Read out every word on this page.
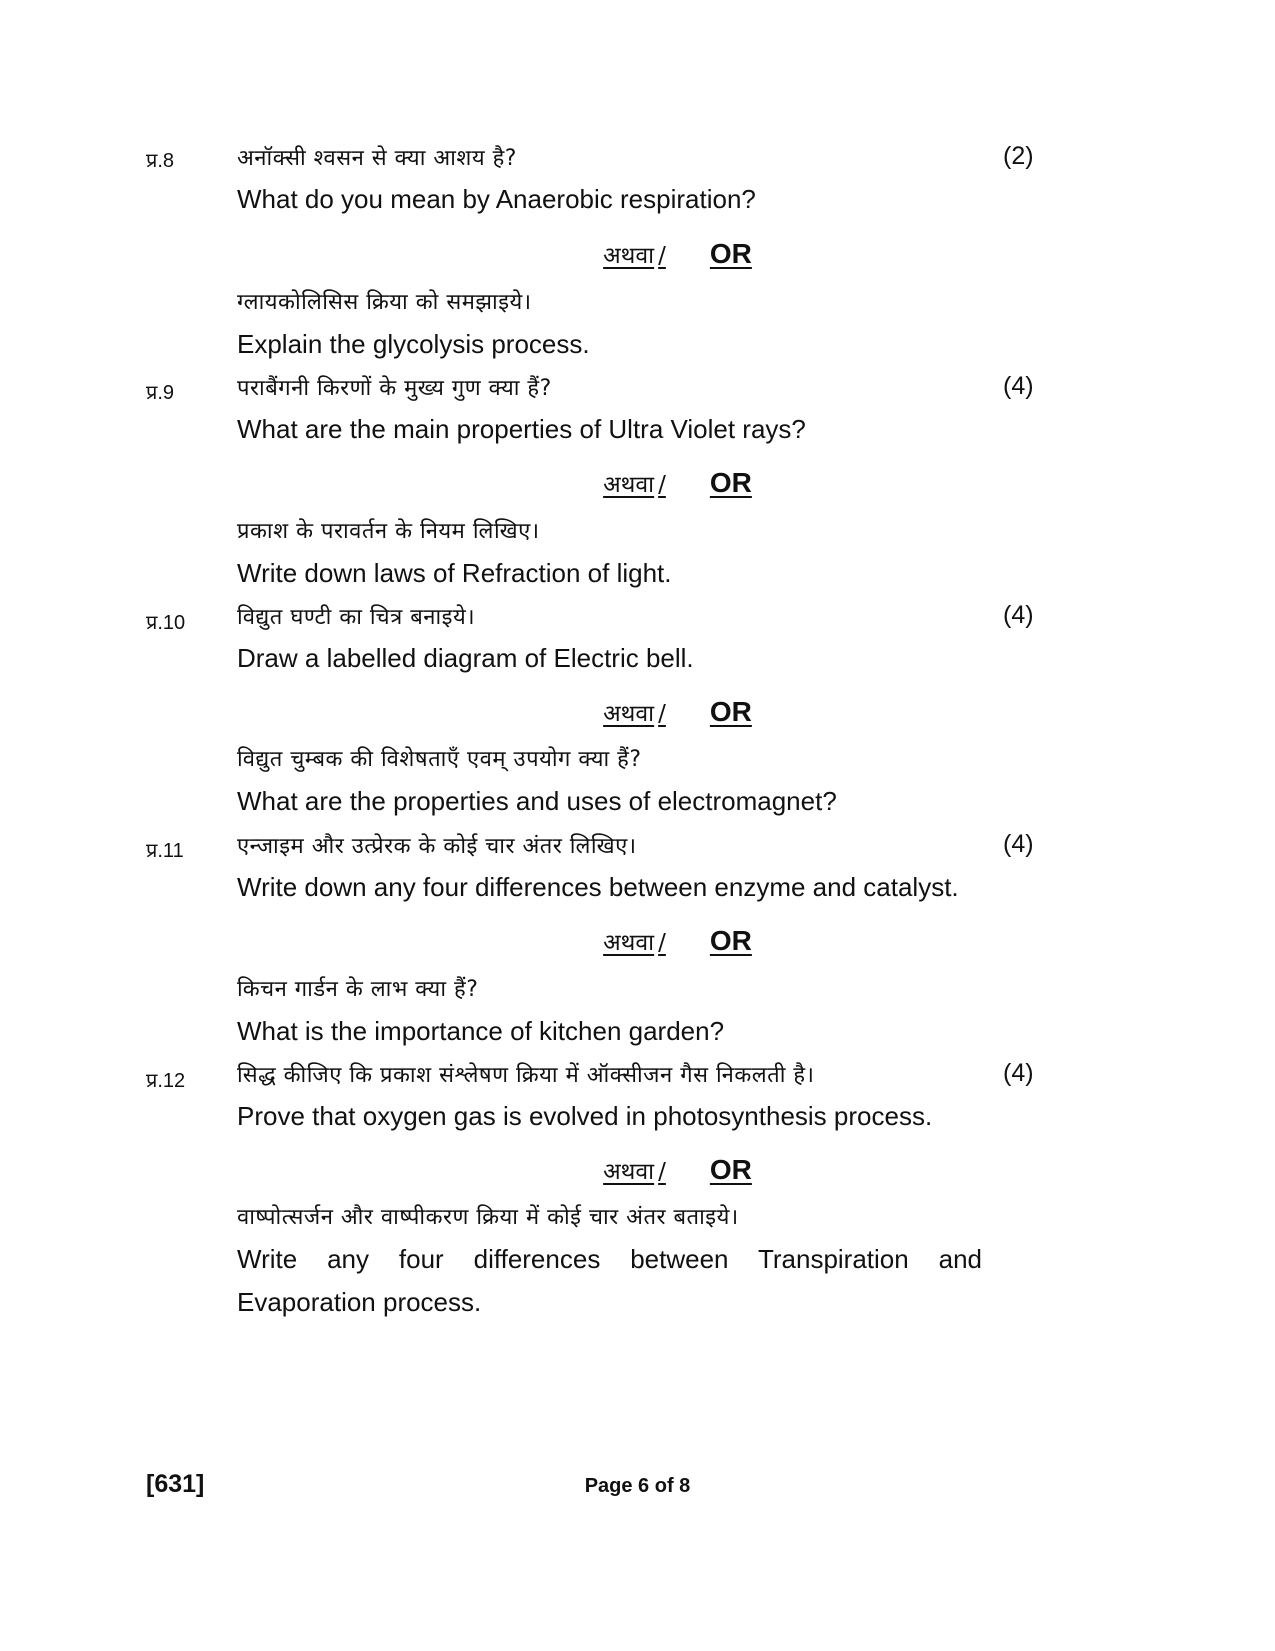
प्र.8	अनॉक्सी श्वसन से क्या आशय है?	(2)
What do you mean by Anaerobic respiration?
अथवा / OR
ग्लायकोलिसिस क्रिया को समझाइये।
Explain the glycolysis process.
प्र.9	पराबैंगनी किरणों के मुख्य गुण क्या हैं?	(4)
What are the main properties of Ultra Violet rays?
अथवा / OR
प्रकाश के परावर्तन के नियम लिखिए।
Write down laws of Refraction of light.
प्र.10 विद्युत घण्टी का चित्र बनाइये।	(4)
Draw a labelled diagram of Electric bell.
अथवा / OR
विद्युत चुम्बक की विशेषताएँ एवम् उपयोग क्या हैं?
What are the properties and uses of electromagnet?
प्र.11 एन्जाइम और उत्प्रेरक के कोई चार अंतर लिखिए।	(4)
Write down any four differences between enzyme and catalyst.
अथवा / OR
किचन गार्डन के लाभ क्या हैं?
What is the importance of kitchen garden?
प्र.12 सिद्ध कीजिए कि प्रकाश संश्लेषण क्रिया में ऑक्सीजन गैस निकलती है।	(4)
Prove that oxygen gas is evolved in photosynthesis process.
अथवा / OR
वाष्पोत्सर्जन और वाष्पीकरण क्रिया में कोई चार अंतर बताइये।
Write any four differences between Transpiration and
Evaporation process.
[631]	Page 6 of 8
